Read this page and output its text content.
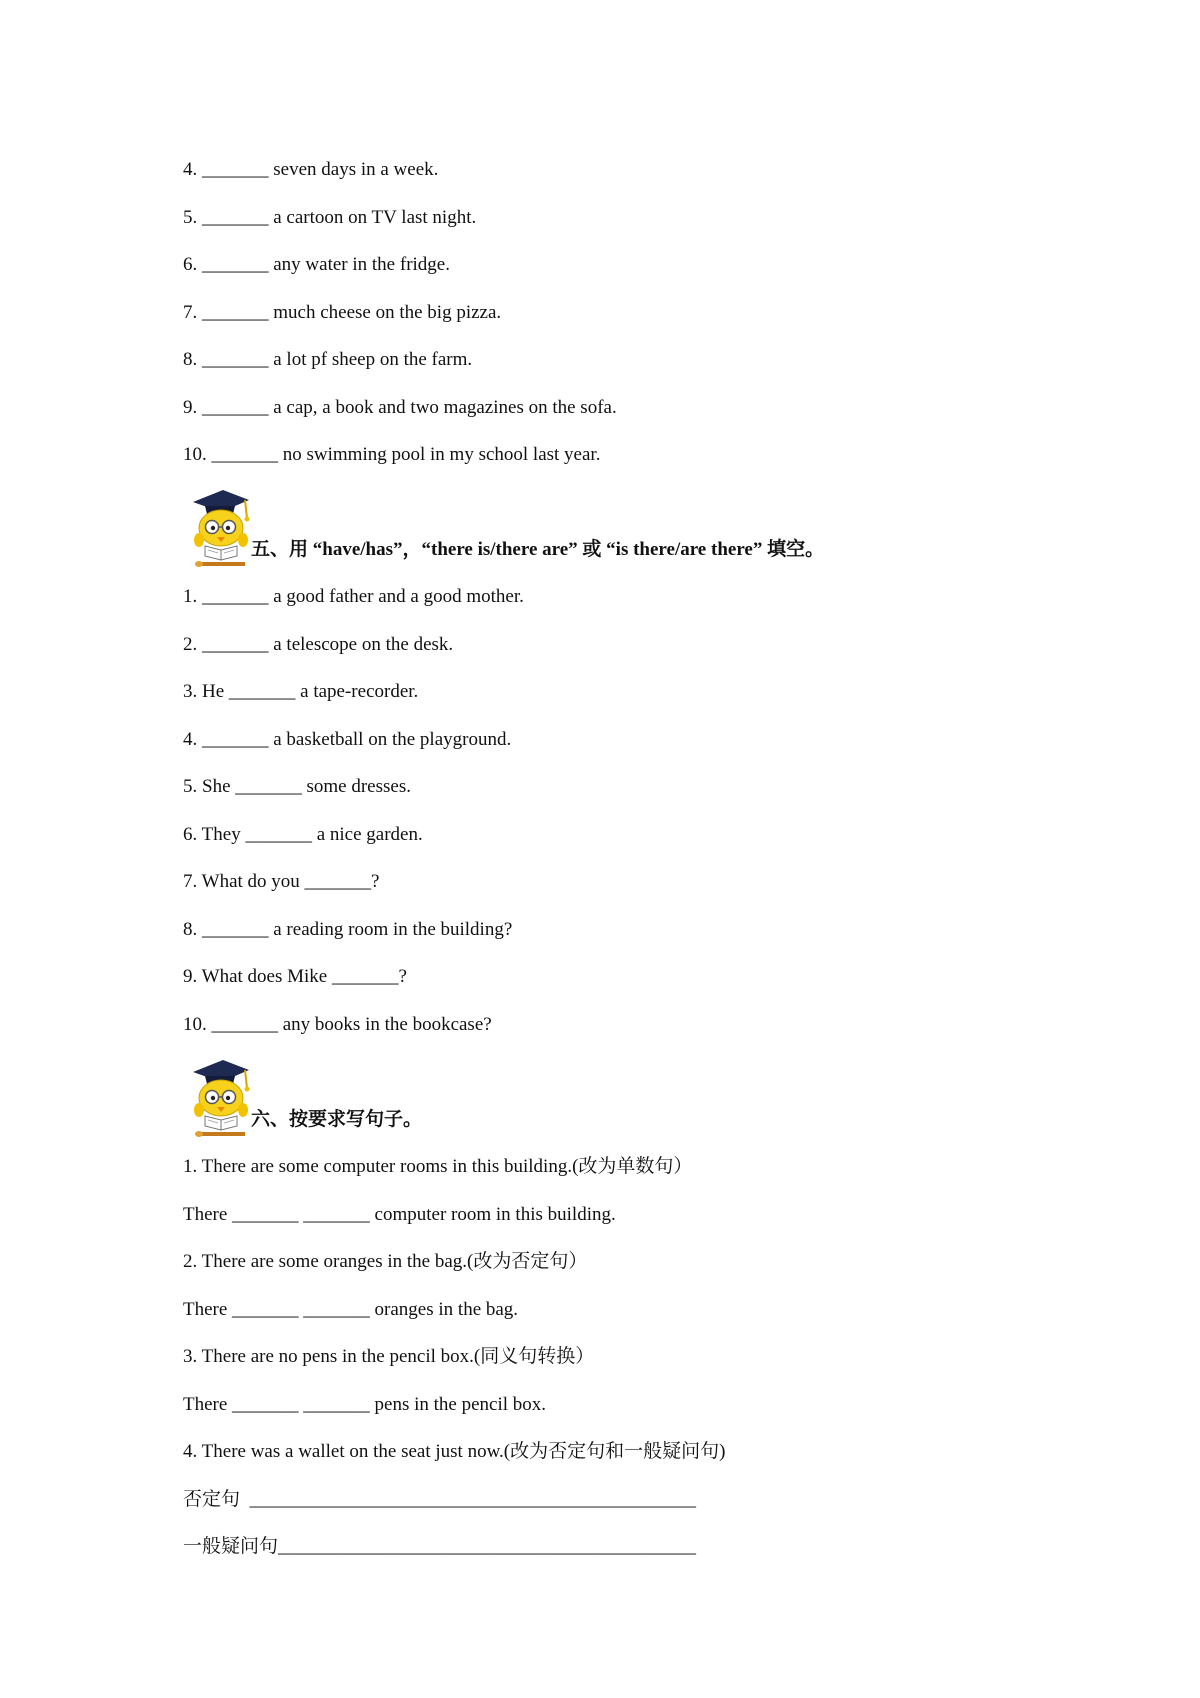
4. _______ seven days in a week.
5. _______ a cartoon on TV last night.
6. _______ any water in the fridge.
7. _______ much cheese on the big pizza.
8. _______ a lot pf sheep on the farm.
9. _______ a cap, a book and two magazines on the sofa.
10. _______ no swimming pool in my school last year.
五、用 “have/has”，“there is/there are” 或 “is there/are there” 填空。
1. _______ a good father and a good mother.
2. _______ a telescope on the desk.
3. He _______ a tape-recorder.
4. _______ a basketball on the playground.
5. She _______ some dresses.
6. They _______ a nice garden.
7. What do you _______?
8. _______ a reading room in the building?
9. What does Mike _______?
10. _______ any books in the bookcase?
六、按要求写句子。
1. There are some computer rooms in this building.(改为单数句）
There _______ _______ computer room in this building.
2. There are some oranges in the bag.(改为否定句）
There _______ _______ oranges in the bag.
3. There are no pens in the pencil box.(同义句转换）
There _______ _______ pens in the pencil box.
4. There was a wallet on the seat just now.(改为否定句和一般疑问句)
否定句  _______________________________________________
一般疑问句____________________________________________
